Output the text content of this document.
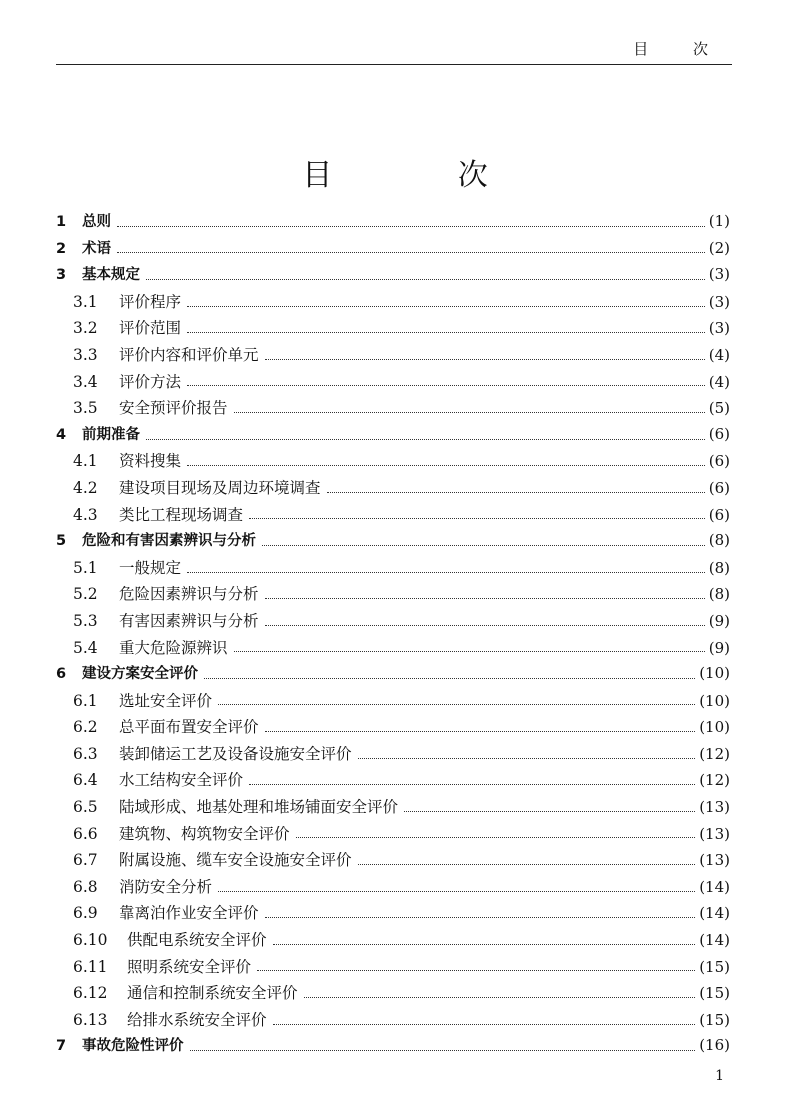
目 次
目 次
1	总则	(1)
2	术语	(2)
3	基本规定	(3)
3.1	评价程序	(3)
3.2	评价范围	(3)
3.3	评价内容和评价单元	(4)
3.4	评价方法	(4)
3.5	安全预评价报告	(5)
4	前期准备	(6)
4.1	资料搜集	(6)
4.2	建设项目现场及周边环境调查	(6)
4.3	类比工程现场调查	(6)
5	危险和有害因素辨识与分析	(8)
5.1	一般规定	(8)
5.2	危险因素辨识与分析	(8)
5.3	有害因素辨识与分析	(9)
5.4	重大危险源辨识	(9)
6	建设方案安全评价	(10)
6.1	选址安全评价	(10)
6.2	总平面布置安全评价	(10)
6.3	装卸储运工艺及设备设施安全评价	(12)
6.4	水工结构安全评价	(12)
6.5	陆域形成、地基处理和堆场铺面安全评价	(13)
6.6	建筑物、构筑物安全评价	(13)
6.7	附属设施、缆车安全设施安全评价	(13)
6.8	消防安全分析	(14)
6.9	靠离泊作业安全评价	(14)
6.10	供配电系统安全评价	(14)
6.11	照明系统安全评价	(15)
6.12	通信和控制系统安全评价	(15)
6.13	给排水系统安全评价	(15)
7	事故危险性评价	(16)
1
